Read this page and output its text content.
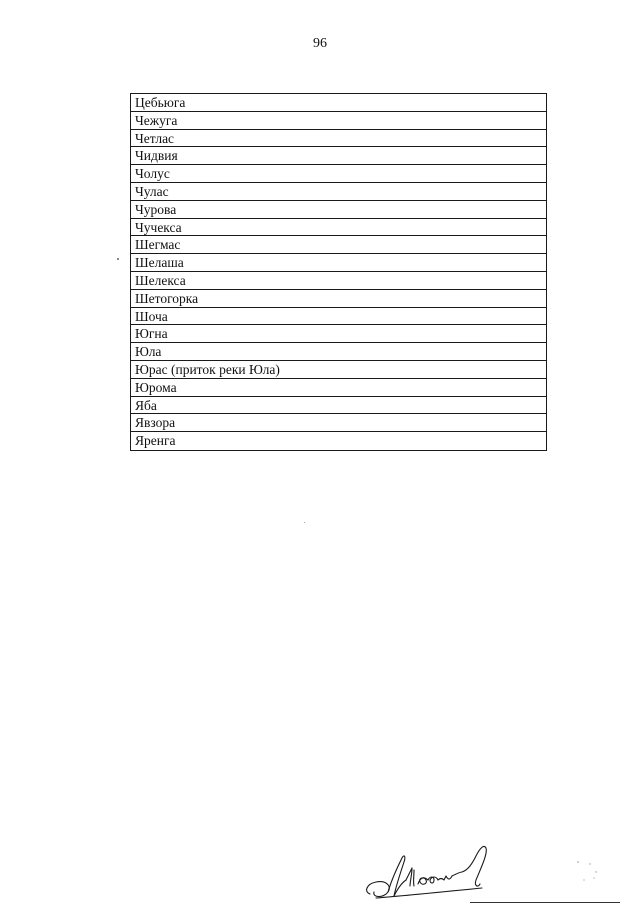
96
Цебьюга
Чежуга
Четлас
Чидвия
Чолус
Чулас
Чурова
Чучекса
Шегмас
Шелаша
Шелекса
Шетогорка
Шоча
Югна
Юла
Юрас (приток реки Юла)
Юрома
Яба
Явзора
Яренга
